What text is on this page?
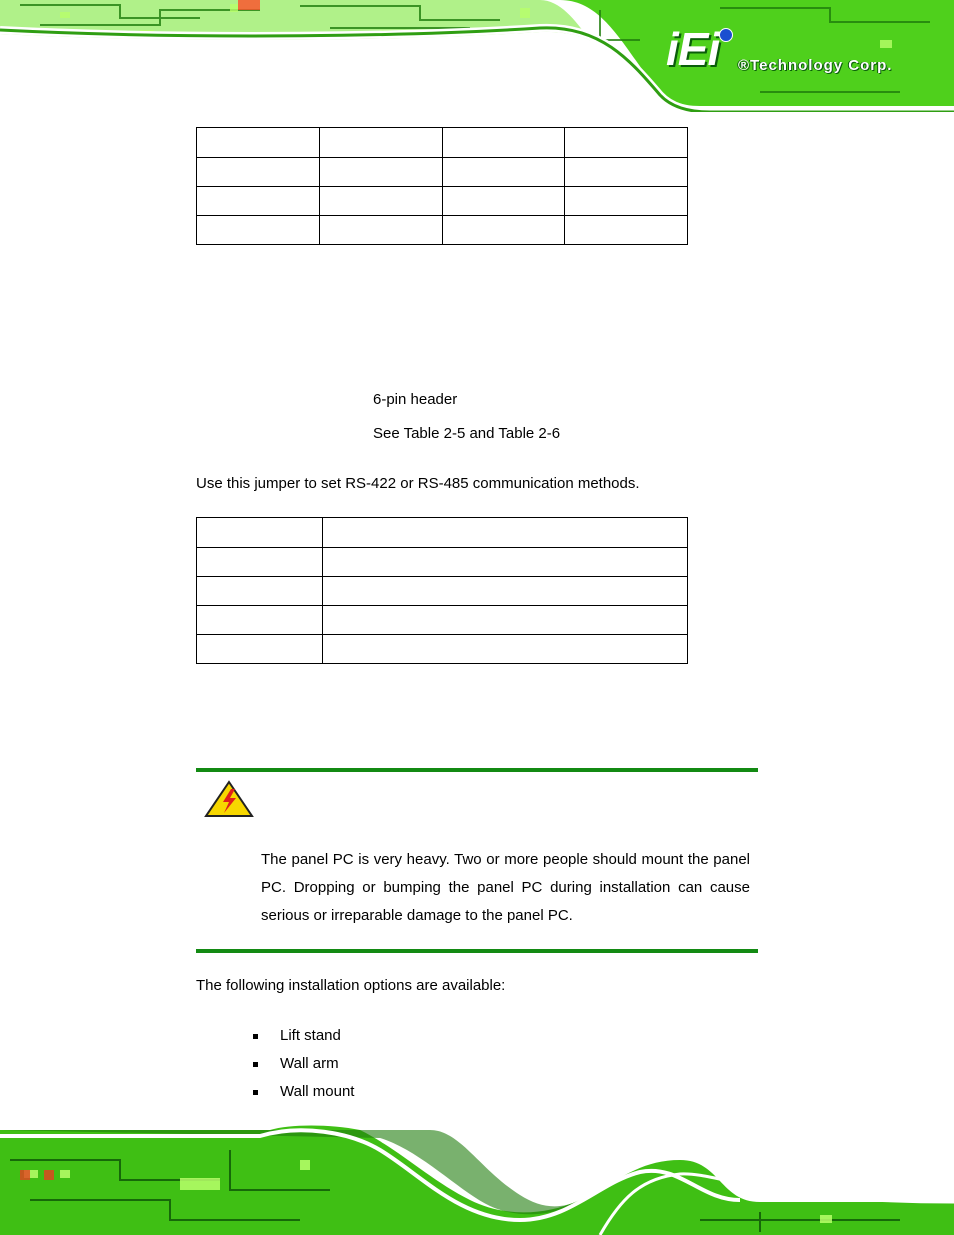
iEi ®Technology Corp.

6-pin header
See Table 2-5 and Table 2-6
Use this jumper to set RS-422 or RS-485 communication methods.

The panel PC is very heavy. Two or more people should mount the panel PC. Dropping or bumping the panel PC during installation can cause serious or irreparable damage to the panel PC.
The following installation options are available:
Lift stand
Wall arm
Wall mount
